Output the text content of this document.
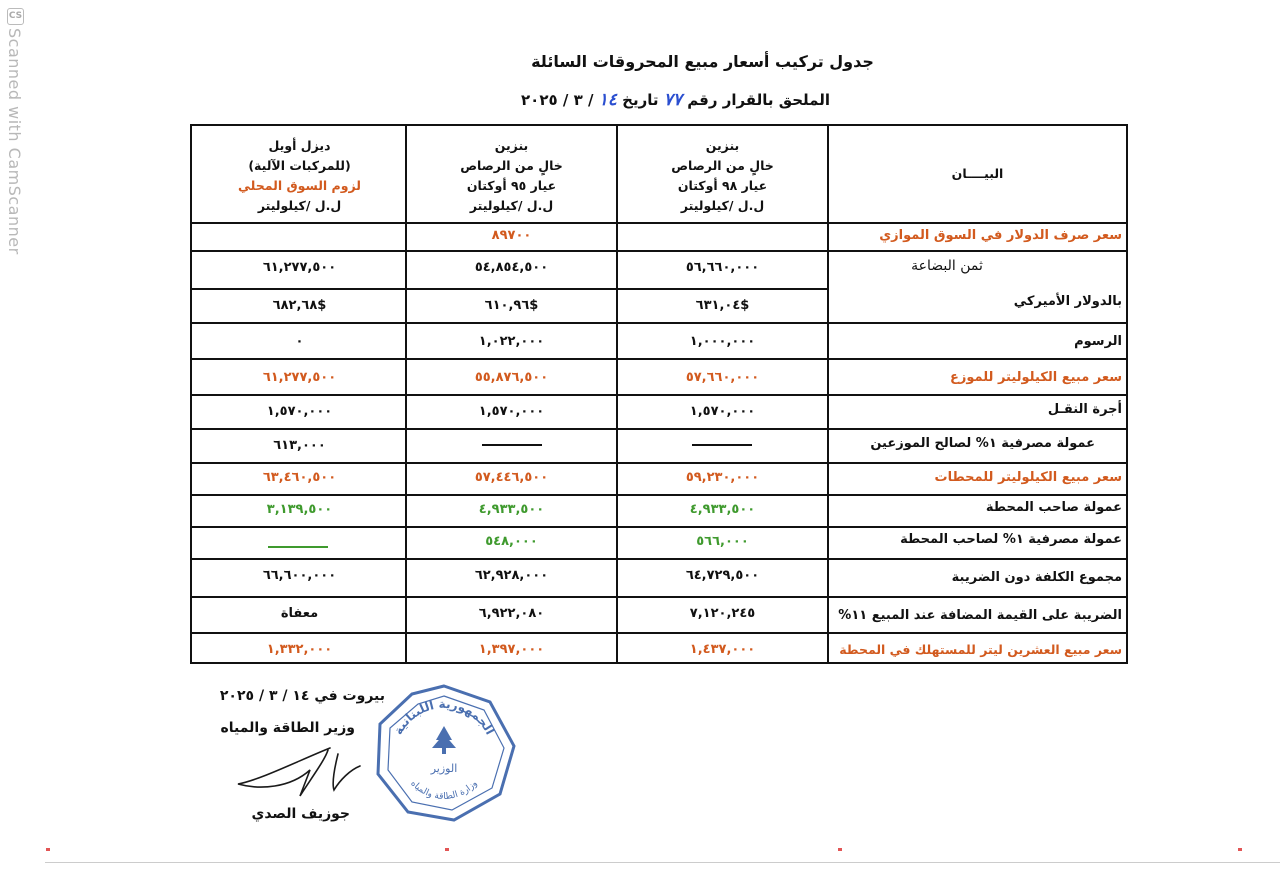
CS
Scanned with CamScanner	جدول تركيب أسعار مبيع المحروقات السائلة
الملحق بالقرار رقم ٧٧ تاريخ ١٤ / ٣ / ٢٠٢٥
البيــــان
بنزين
خالٍ من الرصاص
عيار ٩٨ أوكتان
ل.ل /كيلوليتر
بنزين
خالٍ من الرصاص
عيار ٩٥ أوكتان
ل.ل /كيلوليتر
ديزل أويل
(للمركبات الآلية)
لزوم السوق المحلي
ل.ل /كيلوليتر
٨٩٧٠٠	سعر صرف الدولار في السوق الموازي
ثمن البضاعة
بالدولار الأميركي
الرسوم
سعر مبيع الكيلوليتر للموزع
أجرة النقـل
عمولة مصرفية ١% لصالح الموزعين
سعر مبيع الكيلوليتر للمحطات
عمولة صاحب المحطة
عمولة مصرفية ١% لصاحب المحطة
مجموع الكلفة دون الضريبة
الضريبة على القيمة المضافة عند المبيع ١١%
سعر مبيع العشرين ليتر للمستهلك في المحطة
٥٦,٦٦٠,٠٠٠
٦٣١,٠٤$
١,٠٠٠,٠٠٠
٥٧,٦٦٠,٠٠٠
١,٥٧٠,٠٠٠
٥٩,٢٣٠,٠٠٠
٤,٩٣٣,٥٠٠
٥٦٦,٠٠٠
٦٤,٧٢٩,٥٠٠
٧,١٢٠,٢٤٥
١,٤٣٧,٠٠٠
٥٤,٨٥٤,٥٠٠
٦١٠,٩٦$
١,٠٢٢,٠٠٠
٥٥,٨٧٦,٥٠٠
١,٥٧٠,٠٠٠
٥٧,٤٤٦,٥٠٠
٤,٩٣٣,٥٠٠
٥٤٨,٠٠٠
٦٢,٩٢٨,٠٠٠
٦,٩٢٢,٠٨٠
١,٣٩٧,٠٠٠
٦١,٢٧٧,٥٠٠
٦٨٢,٦٨$
٠
٦١,٢٧٧,٥٠٠
١,٥٧٠,٠٠٠
٦١٣,٠٠٠
٦٣,٤٦٠,٥٠٠
٣,١٣٩,٥٠٠
٦٦,٦٠٠,٠٠٠
معفاة
١,٣٣٢,٠٠٠
بيروت في ١٤ / ٣ / ٢٠٢٥
وزير الطاقة والمياه
جوزيف الصدي
الجمهورية اللبنانية
وزارة الطاقة والمياه
الوزير
